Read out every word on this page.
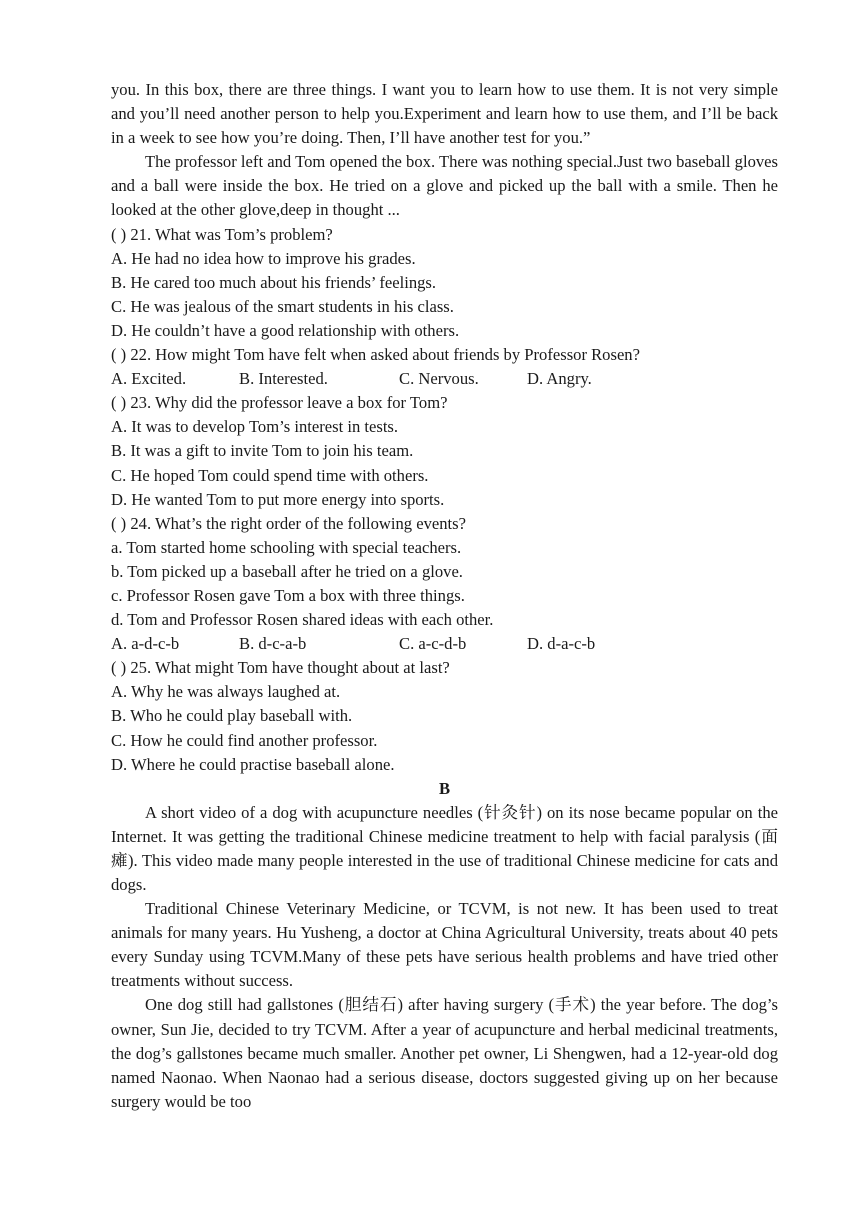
you. In this box, there are three things. I want you to learn how to use them. It is not very simple and you’ll need another person to help you.Experiment and learn how to use them, and I’ll be back in a week to see how you’re doing. Then, I’ll have another test for you.”

The professor left and Tom opened the box. There was nothing special.Just two baseball gloves and a ball were inside the box. He tried on a glove and picked up the ball with a smile. Then he looked at the other glove,deep in thought ...

( ) 21. What was Tom’s problem?

A. He had no idea how to improve his grades.

B. He cared too much about his friends’ feelings.

C. He was jealous of the smart students in his class.

D. He couldn’t have a good relationship with others.

( ) 22. How might Tom have felt when asked about friends by Professor Rosen?

A. Excited.	B. Interested.	C. Nervous.	D. Angry.

( ) 23. Why did the professor leave a box for Tom?

A. It was to develop Tom’s interest in tests.

B. It was a gift to invite Tom to join his team.

C. He hoped Tom could spend time with others.

D. He wanted Tom to put more energy into sports.

( ) 24. What’s the right order of the following events?

a. Tom started home schooling with special teachers.

b. Tom picked up a baseball after he tried on a glove.

c. Professor Rosen gave Tom a box with three things.

d. Tom and Professor Rosen shared ideas with each other.

A. a-d-c-b	B. d-c-a-b	C. a-c-d-b	D. d-a-c-b

( ) 25. What might Tom have thought about at last?

A. Why he was always laughed at.

B. Who he could play baseball with.

C. How he could find another professor.

D. Where he could practise baseball alone.

B

A short video of a dog with acupuncture needles (针灸针) on its nose became popular on the Internet. It was getting the traditional Chinese medicine treatment to help with facial paralysis (面瘫). This video made many people interested in the use of traditional Chinese medicine for cats and dogs.

Traditional Chinese Veterinary Medicine, or TCVM, is not new. It has been used to treat animals for many years. Hu Yusheng, a doctor at China Agricultural University, treats about 40 pets every Sunday using TCVM.Many of these pets have serious health problems and have tried other treatments without success.

One dog still had gallstones (胆结石) after having surgery (手术) the year before. The dog’s owner, Sun Jie, decided to try TCVM. After a year of acupuncture and herbal medicinal treatments, the dog’s gallstones became much smaller. Another pet owner, Li Shengwen, had a 12-year-old dog named Naonao. When Naonao had a serious disease, doctors suggested giving up on her because surgery would be too
